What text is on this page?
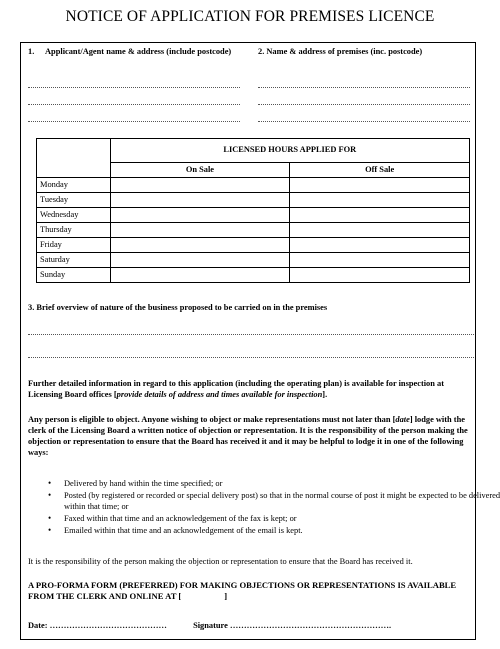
NOTICE OF APPLICATION FOR PREMISES LICENCE
1. Applicant/Agent name & address (include postcode)	2. Name & address of premises (inc. postcode)
	LICENSED HOURS APPLIED FOR	
	On Sale	Off Sale
Monday		
Tuesday		
Wednesday		
Thursday		
Friday		
Saturday		
Sunday		
3. Brief overview of nature of the business proposed to be carried on in the premises
Further detailed information in regard to this application (including the operating plan) is available for inspection at Licensing Board offices [provide details of address and times available for inspection].
Any person is eligible to object. Anyone wishing to object or make representations must not later than [date] lodge with the clerk of the Licensing Board a written notice of objection or representation. It is the responsibility of the person making the objection or representation to ensure that the Board has received it and it may be helpful to lodge it in one of the following ways:
• Delivered by hand within the time specified; or
• Posted (by registered or recorded or special delivery post) so that in the normal course of post it might be expected to be delivered within that time; or
• Faxed within that time and an acknowledgement of the fax is kept; or
• Emailed within that time and an acknowledgement of the email is kept.
It is the responsibility of the person making the objection or representation to ensure that the Board has received it.
A PRO-FORMA FORM (PREFERRED) FOR MAKING OBJECTIONS OR REPRESENTATIONS IS AVAILABLE FROM THE CLERK AND ONLINE AT [                    ]
Date: ……………………………………	Signature ………………………………………………….
